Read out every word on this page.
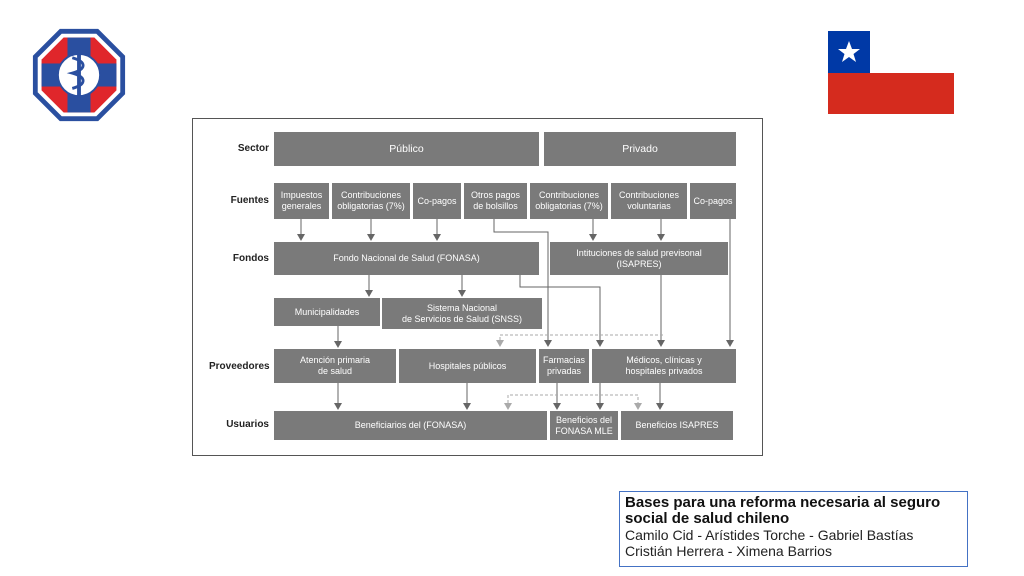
Sector
Fuentes
Fondos
Proveedores
Usuarios
Público	Privado
Impuestos
generales
Contribuciones
obligatorias (7%)
Co-pagos
Otros pagos
de bolsillos
Contribuciones
obligatorias (7%)
Contribuciones
voluntarias
Co-pagos
Fondo Nacional de Salud (FONASA)
Intituciones de salud previsonal
(ISAPRES)
Municipalidades	Sistema Nacional
de Servicios de Salud (SNSS)
Atención primaria
de salud
Hospitales públicos
Farmacias
privadas
Médicos, clínicas y
hospitales privados
Beneficiarios del (FONASA)
Beneficios del
FONASA MLE
Beneficios ISAPRES
Bases para una reforma necesaria al seguro social de salud chileno
Camilo Cid - Arístides Torche - Gabriel Bastías
Cristián Herrera - Ximena Barrios
